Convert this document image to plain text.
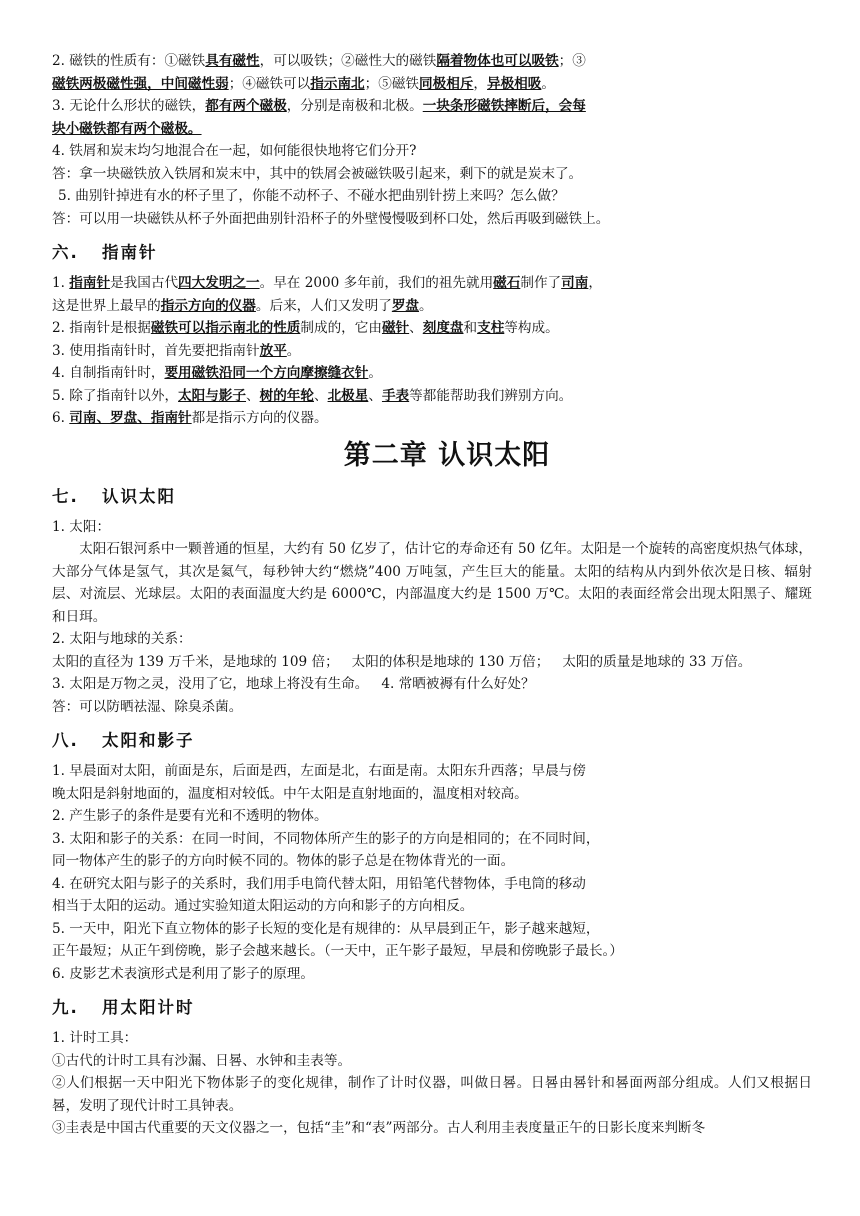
2. 磁铁的性质有：①磁铁具有磁性，可以吸铁；②磁性大的磁铁隔着物体也可以吸铁；③

磁铁两极磁性强，中间磁性弱；④磁铁可以指示南北；⑤磁铁同极相斥，异极相吸。

3. 无论什么形状的磁铁，都有两个磁极，分别是南极和北极。一块条形磁铁摔断后，会每

块小磁铁都有两个磁极。

4. 铁屑和炭末均匀地混合在一起，如何能很快地将它们分开?

答：拿一块磁铁放入铁屑和炭末中，其中的铁屑会被磁铁吸引起来，剩下的就是炭末了。

5. 曲别针掉进有水的杯子里了，你能不动杯子、不碰水把曲别针捞上来吗？怎么做？

答：可以用一块磁铁从杯子外面把曲别针沿杯子的外壁慢慢吸到杯口处，然后再吸到磁铁上。

六. 指南针

1. 指南针是我国古代四大发明之一。早在 2000 多年前，我们的祖先就用磁石制作了司南，

这是世界上最早的指示方向的仪器。后来，人们又发明了罗盘。

2. 指南针是根据磁铁可以指示南北的性质制成的，它由磁针、刻度盘和支柱等构成。

3. 使用指南针时，首先要把指南针放平。

4. 自制指南针时，要用磁铁沿同一个方向摩擦缝衣针。

5. 除了指南针以外，太阳与影子、树的年轮、北极星、手表等都能帮助我们辨别方向。

6. 司南、罗盘、指南针都是指示方向的仪器。

第二章 认识太阳
七. 认识太阳

1. 太阳：

太阳石银河系中一颗普通的恒星，大约有 50 亿岁了，估计它的寿命还有 50 亿年。太阳是一个旋转的高密度炽热气体球，大部分气体是氢气，其次是氦气，每秒钟大约“燃烧”400 万吨氢，产生巨大的能量。太阳的结构从内到外依次是日核、辐射层、对流层、光球层。太阳的表面温度大约是 6000℃，内部温度大约是 1500 万℃。太阳的表面经常会出现太阳黑子、耀斑和日珥。

2. 太阳与地球的关系：

太阳的直径为 139 万千米，是地球的 109 倍；   太阳的体积是地球的 130 万倍；   太阳的质量是地球的 33 万倍。

3. 太阳是万物之灵，没用了它，地球上将没有生命。   4. 常晒被褥有什么好处？

答：可以防晒祛湿、除臭杀菌。

八. 太阳和影子

1. 早晨面对太阳，前面是东，后面是西，左面是北，右面是南。太阳东升西落；早晨与傍

晚太阳是斜射地面的，温度相对较低。中午太阳是直射地面的，温度相对较高。

2. 产生影子的条件是要有光和不透明的物体。

3. 太阳和影子的关系：在同一时间，不同物体所产生的影子的方向是相同的；在不同时间，

同一物体产生的影子的方向时候不同的。物体的影子总是在物体背光的一面。

4. 在研究太阳与影子的关系时，我们用手电筒代替太阳，用铅笔代替物体，手电筒的移动

相当于太阳的运动。通过实验知道太阳运动的方向和影子的方向相反。

5. 一天中，阳光下直立物体的影子长短的变化是有规律的：从早晨到正午，影子越来越短，

正午最短；从正午到傍晚，影子会越来越长。（一天中，正午影子最短，早晨和傍晚影子最长。）

6. 皮影艺术表演形式是利用了影子的原理。

九. 用太阳计时

1. 计时工具：

①古代的计时工具有沙漏、日晷、水钟和圭表等。

②人们根据一天中阳光下物体影子的变化规律，制作了计时仪器，叫做日晷。日晷由晷针和晷面两部分组成。人们又根据日晷，发明了现代计时工具钟表。

③圭表是中国古代重要的天文仪器之一，包括“圭”和“表”两部分。古人利用圭表度量正午的日影长度来判断冬
